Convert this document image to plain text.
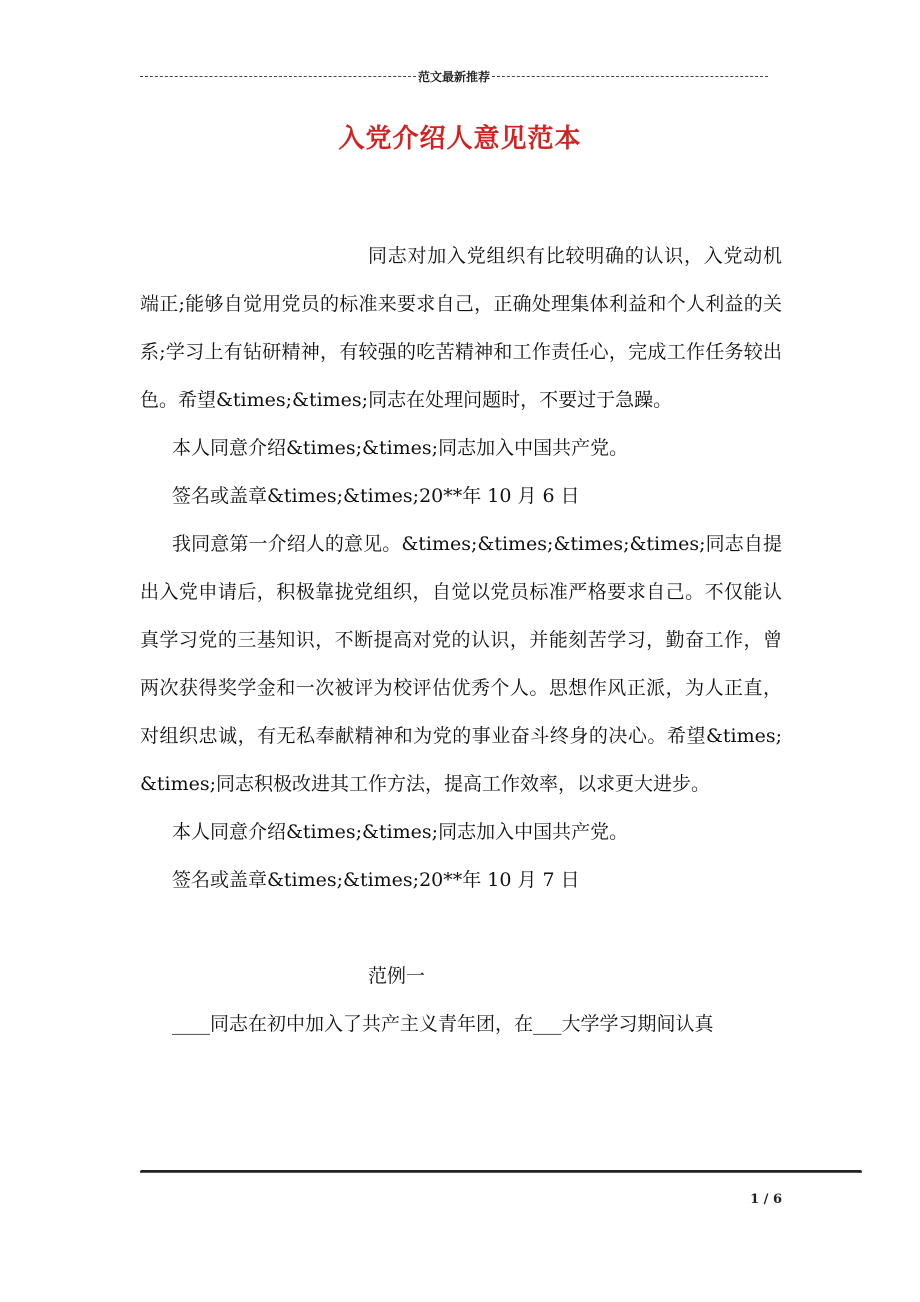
范文最新推荐
入党介绍人意见范本

同志对加入党组织有比较明确的认识，入党动机端正;能够自觉用党员的标准来要求自己，正确处理集体利益和个人利益的关系;学习上有钻研精神，有较强的吃苦精神和工作责任心，完成工作任务较出色。希望&times;&times;同志在处理问题时，不要过于急躁。

本人同意介绍&times;&times;同志加入中国共产党。

签名或盖章&times;&times;20**年 10 月 6 日

我同意第一介绍人的意见。&times;&times;&times;&times;同志自提出入党申请后，积极靠拢党组织，自觉以党员标准严格要求自己。不仅能认真学习党的三基知识，不断提高对党的认识，并能刻苦学习，勤奋工作，曾两次获得奖学金和一次被评为校评估优秀个人。思想作风正派，为人正直，对组织忠诚，有无私奉献精神和为党的事业奋斗终身的决心。希望&times;&times;同志积极改进其工作方法，提高工作效率，以求更大进步。

本人同意介绍&times;&times;同志加入中国共产党。

签名或盖章&times;&times;20**年 10 月 7 日

范例一

____同志在初中加入了共产主义青年团，在___大学学习期间认真

1 / 6
